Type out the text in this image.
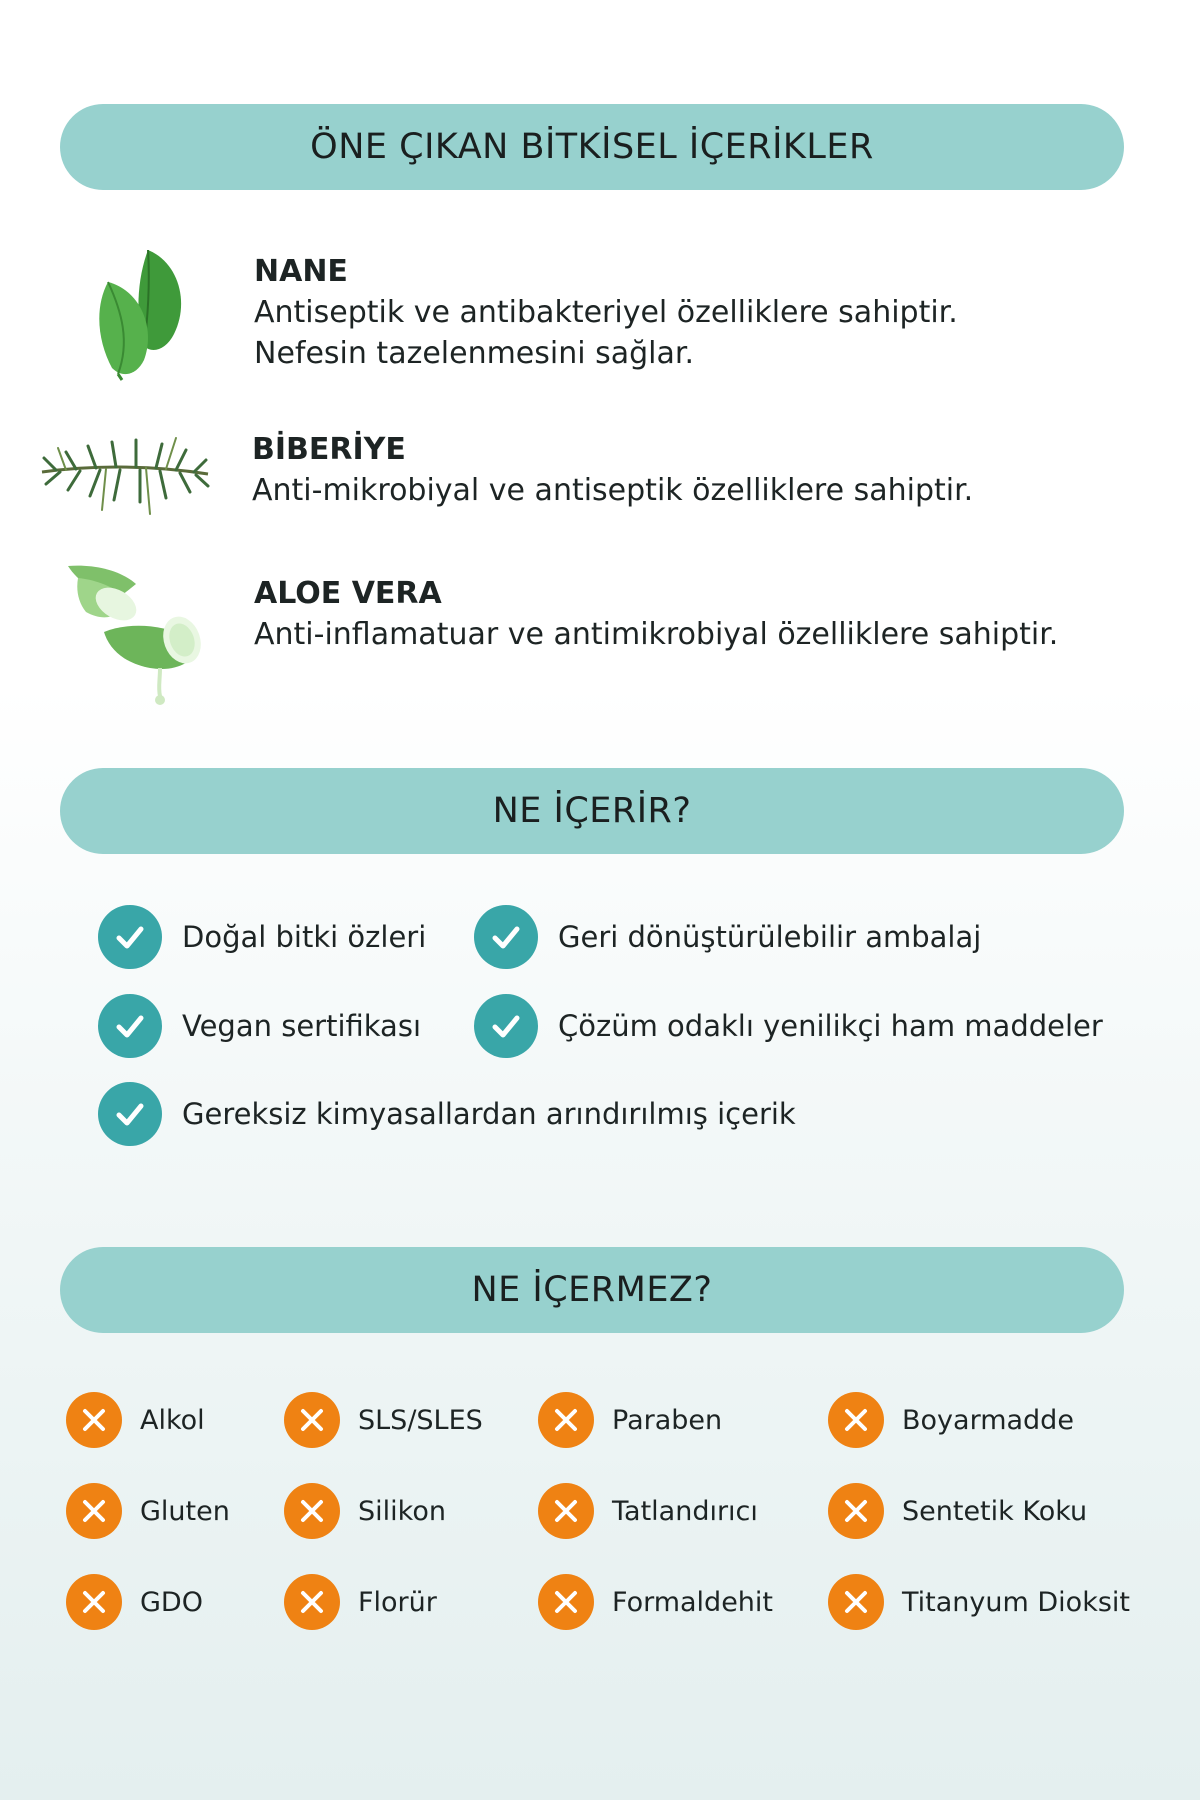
ÖNE ÇIKAN BİTKİSEL İÇERİKLER
NANE
Antiseptik ve antibakteriyel özelliklere sahiptir.
Nefesin tazelenmesini sağlar.
BİBERİYE
Anti-mikrobiyal ve antiseptik özelliklere sahiptir.
ALOE VERA
Anti-inflamatuar ve antimikrobiyal özelliklere sahiptir.
NE İÇERİR?
Doğal bitki özleri	Geri dönüştürülebilir ambalaj
Vegan sertifikası	Çözüm odaklı yenilikçi ham maddeler
Gereksiz kimyasallardan arındırılmış içerik
NE İÇERMEZ?
Alkol	SLS/SLES	Paraben	Boyarmadde
Gluten	Silikon	Tatlandırıcı	Sentetik Koku
GDO	Florür	Formaldehit	Titanyum Dioksit
